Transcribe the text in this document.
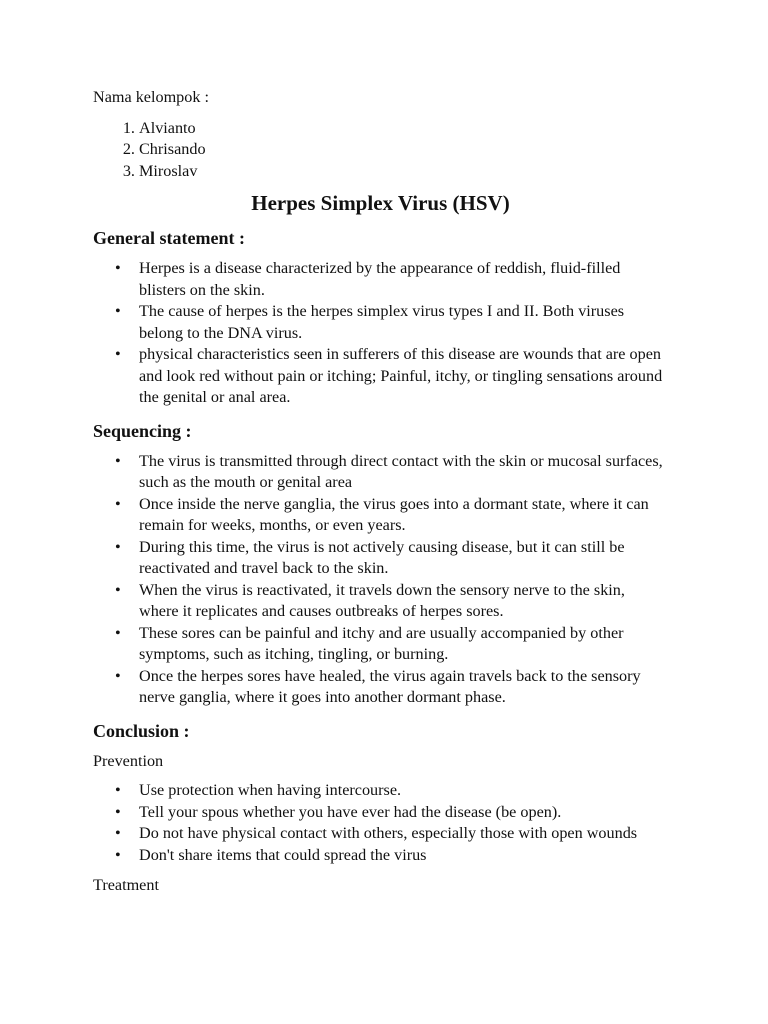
Nama kelompok :

1. Alvianto
2. Chrisando
3. Miroslav

Herpes Simplex Virus (HSV)

General statement :

• Herpes is a disease characterized by the appearance of reddish, fluid-filled blisters on the skin.
• The cause of herpes is the herpes simplex virus types I and II. Both viruses belong to the DNA virus.
• physical characteristics seen in sufferers of this disease are wounds that are open and look red without pain or itching; Painful, itchy, or tingling sensations around the genital or anal area.

Sequencing :

• The virus is transmitted through direct contact with the skin or mucosal surfaces, such as the mouth or genital area
• Once inside the nerve ganglia, the virus goes into a dormant state, where it can remain for weeks, months, or even years.
• During this time, the virus is not actively causing disease, but it can still be reactivated and travel back to the skin.
• When the virus is reactivated, it travels down the sensory nerve to the skin, where it replicates and causes outbreaks of herpes sores.
• These sores can be painful and itchy and are usually accompanied by other symptoms, such as itching, tingling, or burning.
• Once the herpes sores have healed, the virus again travels back to the sensory nerve ganglia, where it goes into another dormant phase.

Conclusion :

Prevention

• Use protection when having intercourse.
• Tell your spous whether you have ever had the disease (be open).
• Do not have physical contact with others, especially those with open wounds
• Don't share items that could spread the virus

Treatment
